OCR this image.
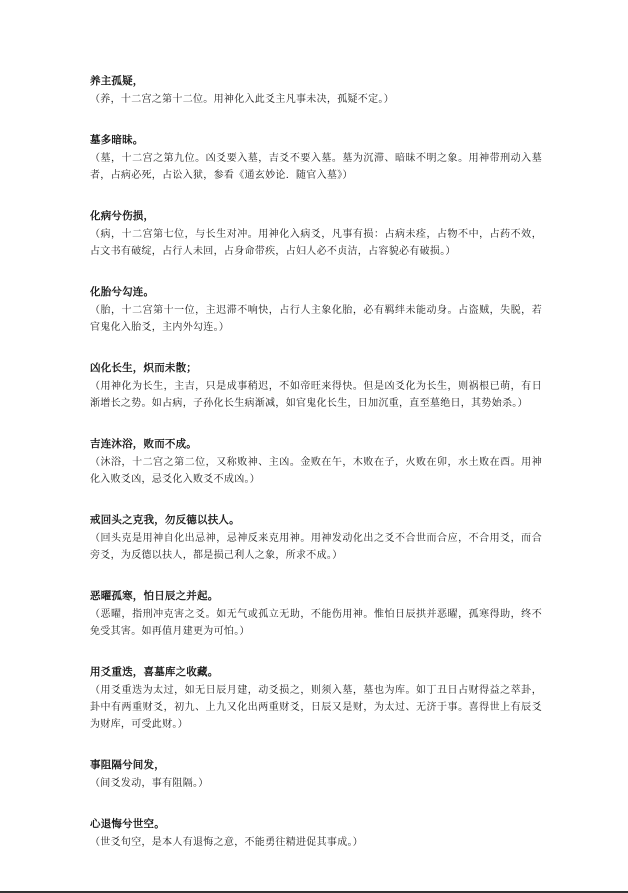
养主孤疑，

（养，十二宫之第十二位。用神化入此爻主凡事未决，孤疑不定。）

墓多暗昧。

（墓，十二宫之第九位。凶爻要入墓，吉爻不要入墓。墓为沉滞、暗昧不明之象。用神带刑动入墓者，占病必死，占讼入狱，参看《通玄妙论．随官入墓》）

化病兮伤损，

（病，十二宫第七位，与长生对冲。用神化入病爻，凡事有损：占病未痊，占物不中，占药不效，占文书有破绽，占行人未回，占身命带疾，占妇人必不贞洁，占容貌必有破损。）

化胎兮勾连。

（胎，十二宫第十一位，主迟滞不响快，占行人主象化胎，必有羁绊未能动身。占盗贼，失脱，若官鬼化入胎爻，主内外勾连。）

凶化长生，炽而未散；

（用神化为长生，主吉，只是成事稍迟，不如帝旺来得快。但是凶爻化为长生，则祸根已萌，有日渐增长之势。如占病，子孙化长生病渐减，如官鬼化长生，日加沉重，直至墓绝日，其势始杀。）

吉连沐浴，败而不成。

（沐浴，十二宫之第二位，又称败神、主凶。金败在午，木败在子，火败在卯，水土败在酉。用神化入败爻凶，忌爻化入败爻不成凶。）

戒回头之克我，勿反德以扶人。

（回头克是用神自化出忌神，忌神反来克用神。用神发动化出之爻不合世而合应，不合用爻，而合旁爻，为反德以扶人，都是损己利人之象，所求不成。）

恶曜孤寒，怕日辰之并起。

（恶曜，指刑冲克害之爻。如无气或孤立无助，不能伤用神。惟怕日辰拱并恶曜，孤寒得助，终不免受其害。如再值月建更为可怕。）

用爻重迭，喜墓库之收藏。

（用爻重迭为太过，如无日辰月建，动爻损之，则须入墓，墓也为库。如丁丑日占财得益之萃卦，卦中有两重财爻，初九、上九又化出两重财爻，日辰又是财，为太过、无济于事。喜得世上有辰爻为财库，可受此财。）

事阻隔兮间发，

（间爻发动，事有阻隔。）

心退悔兮世空。

（世爻旬空，是本人有退悔之意，不能勇往精进促其事成。）
